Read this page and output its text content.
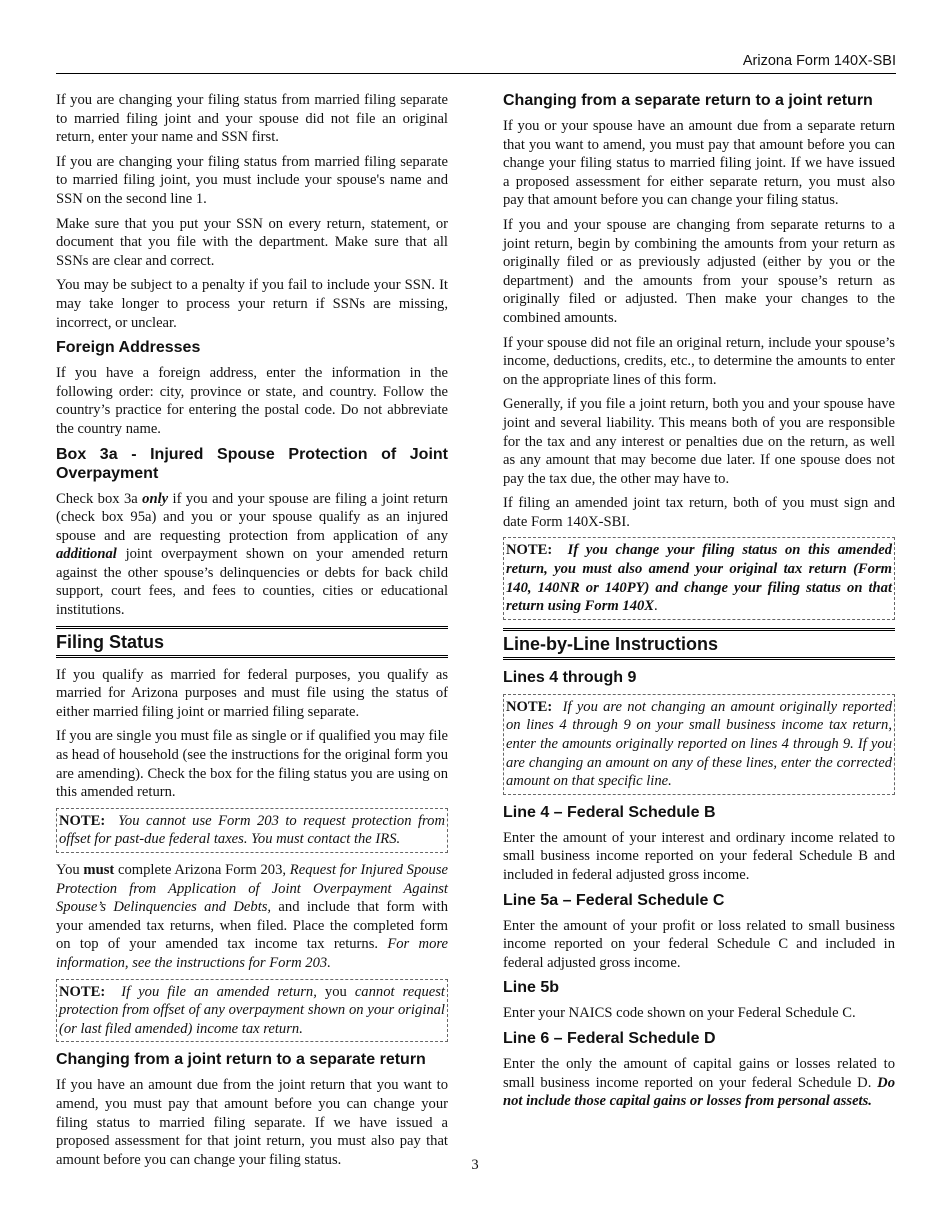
Arizona Form 140X-SBI

If you are changing your filing status from married filing separate to married filing joint and your spouse did not file an original return, enter your name and SSN first.

If you are changing your filing status from married filing separate to married filing joint, you must include your spouse's name and SSN on the second line 1.

Make sure that you put your SSN on every return, statement, or document that you file with the department. Make sure that all SSNs are clear and correct.

You may be subject to a penalty if you fail to include your SSN. It may take longer to process your return if SSNs are missing, incorrect, or unclear.

Foreign Addresses

If you have a foreign address, enter the information in the following order: city, province or state, and country. Follow the country’s practice for entering the postal code. Do not abbreviate the country name.

Box 3a - Injured Spouse Protection of Joint Overpayment

Check box 3a only if you and your spouse are filing a joint return (check box 95a) and you or your spouse qualify as an injured spouse and are requesting protection from application of any additional joint overpayment shown on your amended return against the other spouse’s delinquencies or debts for back child support, court fees, and fees to counties, cities or educational institutions.

Filing Status

If you qualify as married for federal purposes, you qualify as married for Arizona purposes and must file using the status of either married filing joint or married filing separate.

If you are single you must file as single or if qualified you may file as head of household (see the instructions for the original form you are amending). Check the box for the filing status you are using on this amended return.

NOTE: You cannot use Form 203 to request protection from offset for past-due federal taxes. You must contact the IRS.

You must complete Arizona Form 203, Request for Injured Spouse Protection from Application of Joint Overpayment Against Spouse’s Delinquencies and Debts, and include that form with your amended tax returns, when filed. Place the completed form on top of your amended tax income tax returns. For more information, see the instructions for Form 203.

NOTE: If you file an amended return, you cannot request protection from offset of any overpayment shown on your original (or last filed amended) income tax return.
Changing from a joint return to a separate return

If you have an amount due from the joint return that you want to amend, you must pay that amount before you can change your filing status to married filing separate. If we have issued a proposed assessment for that joint return, you must also pay that amount before you can change your filing status.

Changing from a separate return to a joint return

If you or your spouse have an amount due from a separate return that you want to amend, you must pay that amount before you can change your filing status to married filing joint. If we have issued a proposed assessment for either separate return, you must also pay that amount before you can change your filing status.

If you and your spouse are changing from separate returns to a joint return, begin by combining the amounts from your return as originally filed or as previously adjusted (either by you or the department) and the amounts from your spouse’s return as originally filed or adjusted. Then make your changes to the combined amounts.

If your spouse did not file an original return, include your spouse’s income, deductions, credits, etc., to determine the amounts to enter on the appropriate lines of this form.

Generally, if you file a joint return, both you and your spouse have joint and several liability. This means both of you are responsible for the tax and any interest or penalties due on the return, as well as any amount that may become due later. If one spouse does not pay the tax due, the other may have to.

If filing an amended joint tax return, both of you must sign and date Form 140X-SBI.

NOTE: If you change your filing status on this amended return, you must also amend your original tax return (Form 140, 140NR or 140PY) and change your filing status on that return using Form 140X.
Line-by-Line Instructions
Lines 4 through 9
NOTE: If you are not changing an amount originally reported on lines 4 through 9 on your small business income tax return, enter the amounts originally reported on lines 4 through 9. If you are changing an amount on any of these lines, enter the corrected amount on that specific line.
Line 4 – Federal Schedule B

Enter the amount of your interest and ordinary income related to small business income reported on your federal Schedule B and included in federal adjusted gross income.

Line 5a – Federal Schedule C

Enter the amount of your profit or loss related to small business income reported on your federal Schedule C and included in federal adjusted gross income.

Line 5b

Enter your NAICS code shown on your Federal Schedule C.

Line 6 – Federal Schedule D

Enter the only the amount of capital gains or losses related to small business income reported on your federal Schedule D. Do not include those capital gains or losses from personal assets.

3
